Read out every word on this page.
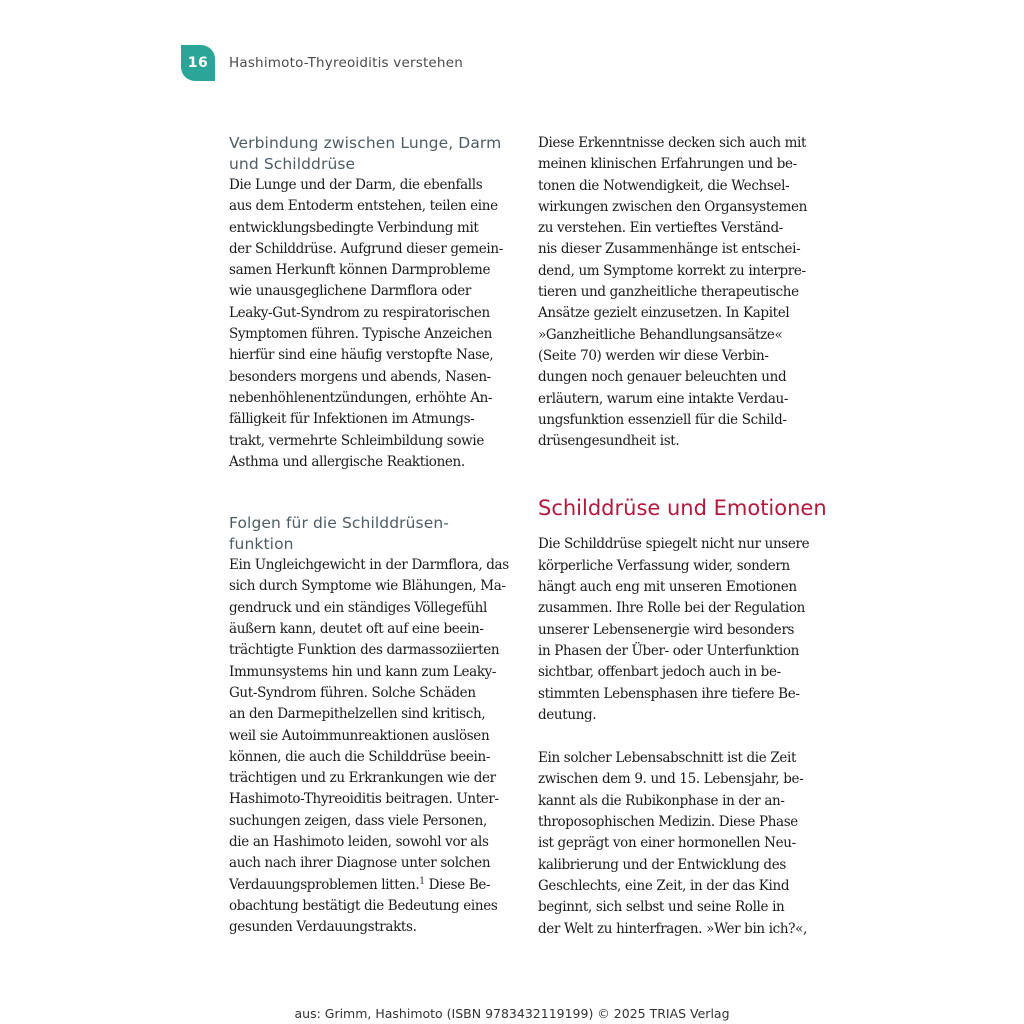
16 Hashimoto-Thyreoiditis verstehen
Verbindung zwischen Lunge, Darm
und Schilddrüse

Die Lunge und der Darm, die ebenfalls
aus dem Entoderm entstehen, teilen eine
entwicklungsbedingte Verbindung mit
der Schilddrüse. Aufgrund dieser gemein-
samen Herkunft können Darmprobleme
wie unausgeglichene Darmflora oder
Leaky-Gut-Syndrom zu respiratorischen
Symptomen führen. Typische Anzeichen
hierfür sind eine häufig verstopfte Nase,
besonders morgens und abends, Nasen-
nebenhöhlenentzündungen, erhöhte An-
fälligkeit für Infektionen im Atmungs-
trakt, vermehrte Schleimbildung sowie
Asthma und allergische Reaktionen.

Folgen für die Schilddrüsen-
funktion

Ein Ungleichgewicht in der Darmflora, das
sich durch Symptome wie Blähungen, Ma-
gendruck und ein ständiges Völlegefühl
äußern kann, deutet oft auf eine beein-
trächtigte Funktion des darmassoziierten
Immunsystems hin und kann zum Leaky-
Gut-Syndrom führen. Solche Schäden
an den Darmepithelzellen sind kritisch,
weil sie Autoimmunreaktionen auslösen
können, die auch die Schilddrüse beein-
trächtigen und zu Erkrankungen wie der
Hashimoto-Thyreoiditis beitragen. Unter-
suchungen zeigen, dass viele Personen,
die an Hashimoto leiden, sowohl vor als
auch nach ihrer Diagnose unter solchen
Verdauungsproblemen litten.$^1$ Diese Be-
obachtung bestätigt die Bedeutung eines
gesunden Verdauungstrakts.

Diese Erkenntnisse decken sich auch mit
meinen klinischen Erfahrungen und be-
tonen die Notwendigkeit, die Wechsel-
wirkungen zwischen den Organsystemen
zu verstehen. Ein vertieftes Verständ-
nis dieser Zusammenhänge ist entschei-
dend, um Symptome korrekt zu interpre-
tieren und ganzheitliche therapeutische
Ansätze gezielt einzusetzen. In Kapitel
»Ganzheitliche Behandlungsansätze«
(Seite 70) werden wir diese Verbin-
dungen noch genauer beleuchten und
erläutern, warum eine intakte Verdau-
ungsfunktion essenziell für die Schild-
drüsengesundheit ist.

Schilddrüse und Emotionen

Die Schilddrüse spiegelt nicht nur unsere
körperliche Verfassung wider, sondern
hängt auch eng mit unseren Emotionen
zusammen. Ihre Rolle bei der Regulation
unserer Lebensenergie wird besonders
in Phasen der Über- oder Unterfunktion
sichtbar, offenbart jedoch auch in be-
stimmten Lebensphasen ihre tiefere Be-
deutung.

Ein solcher Lebensabschnitt ist die Zeit
zwischen dem 9. und 15. Lebensjahr, be-
kannt als die Rubikonphase in der an-
throposophischen Medizin. Diese Phase
ist geprägt von einer hormonellen Neu-
kalibrierung und der Entwicklung des
Geschlechts, eine Zeit, in der das Kind
beginnt, sich selbst und seine Rolle in
der Welt zu hinterfragen. »Wer bin ich?«,

aus: Grimm, Hashimoto (ISBN 9783432119199) © 2025 TRIAS Verlag
